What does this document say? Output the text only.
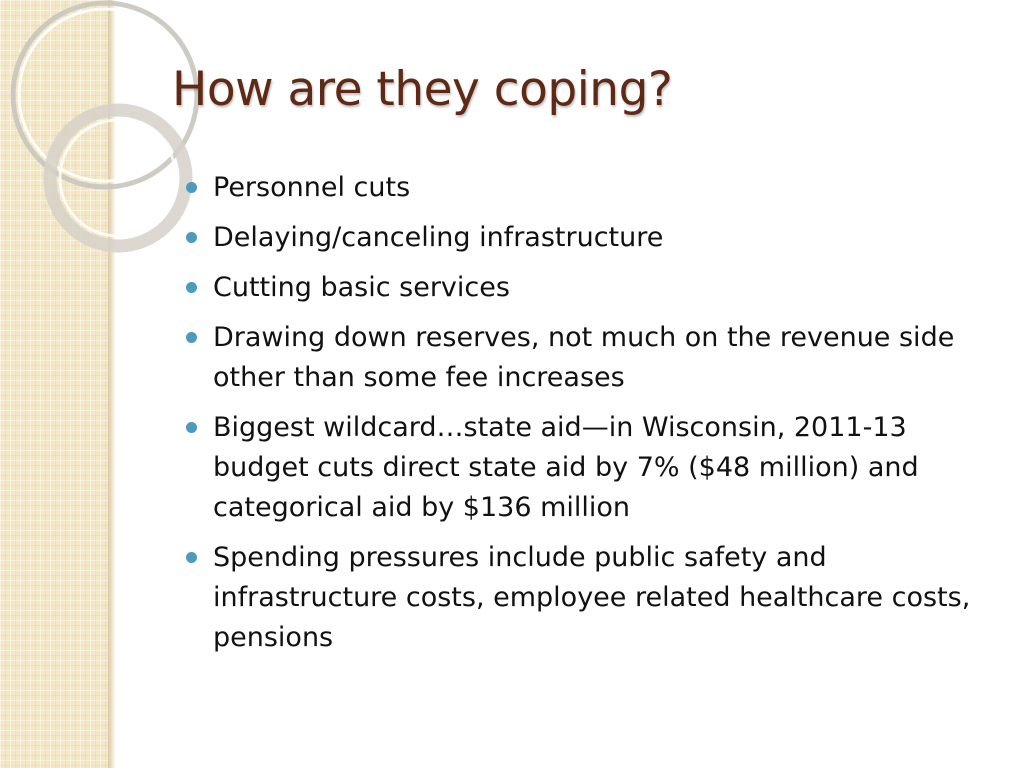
How are they coping?
Personnel cuts
Delaying/canceling infrastructure
Cutting basic services
Drawing down reserves, not much on the revenue side other than some fee increases
Biggest wildcard…state aid—in Wisconsin, 2011-13 budget cuts direct state aid by 7% ($48 million) and categorical aid by $136 million
Spending pressures include public safety and infrastructure costs, employee related healthcare costs, pensions
